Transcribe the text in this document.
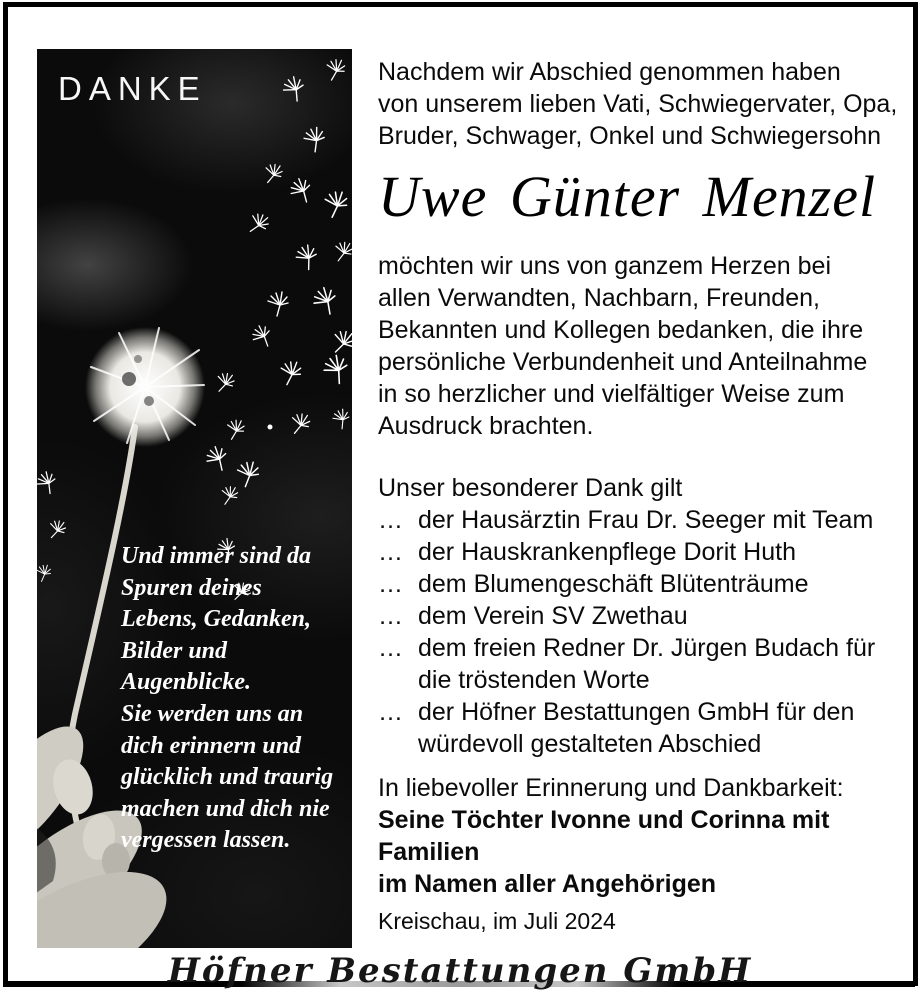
DANKE
Und immer sind da
Spuren deines
Lebens, Gedanken,
Bilder und
Augenblicke.
Sie werden uns an
dich erinnern und
glücklich und traurig
machen und dich nie
vergessen lassen.
Nachdem wir Abschied genommen haben
von unserem lieben Vati, Schwiegervater, Opa,
Bruder, Schwager, Onkel und Schwiegersohn
Uwe Günter Menzel
möchten wir uns von ganzem Herzen bei
allen Verwandten, Nachbarn, Freunden,
Bekannten und Kollegen bedanken, die ihre
persönliche Verbundenheit und Anteilnahme
in so herzlicher und vielfältiger Weise zum
Ausdruck brachten.
Unser besonderer Dank gilt
… der Hausärztin Frau Dr. Seeger mit Team
… der Hauskrankenpflege Dorit Huth
… dem Blumengeschäft Blütenträume
… dem Verein SV Zwethau
… dem freien Redner Dr. Jürgen Budach für
die tröstenden Worte
… der Höfner Bestattungen GmbH für den
würdevoll gestalteten Abschied
In liebevoller Erinnerung und Dankbarkeit:
Seine Töchter Ivonne und Corinna mit
Familien
im Namen aller Angehörigen
Kreischau, im Juli 2024
Höfner Bestattungen GmbH
